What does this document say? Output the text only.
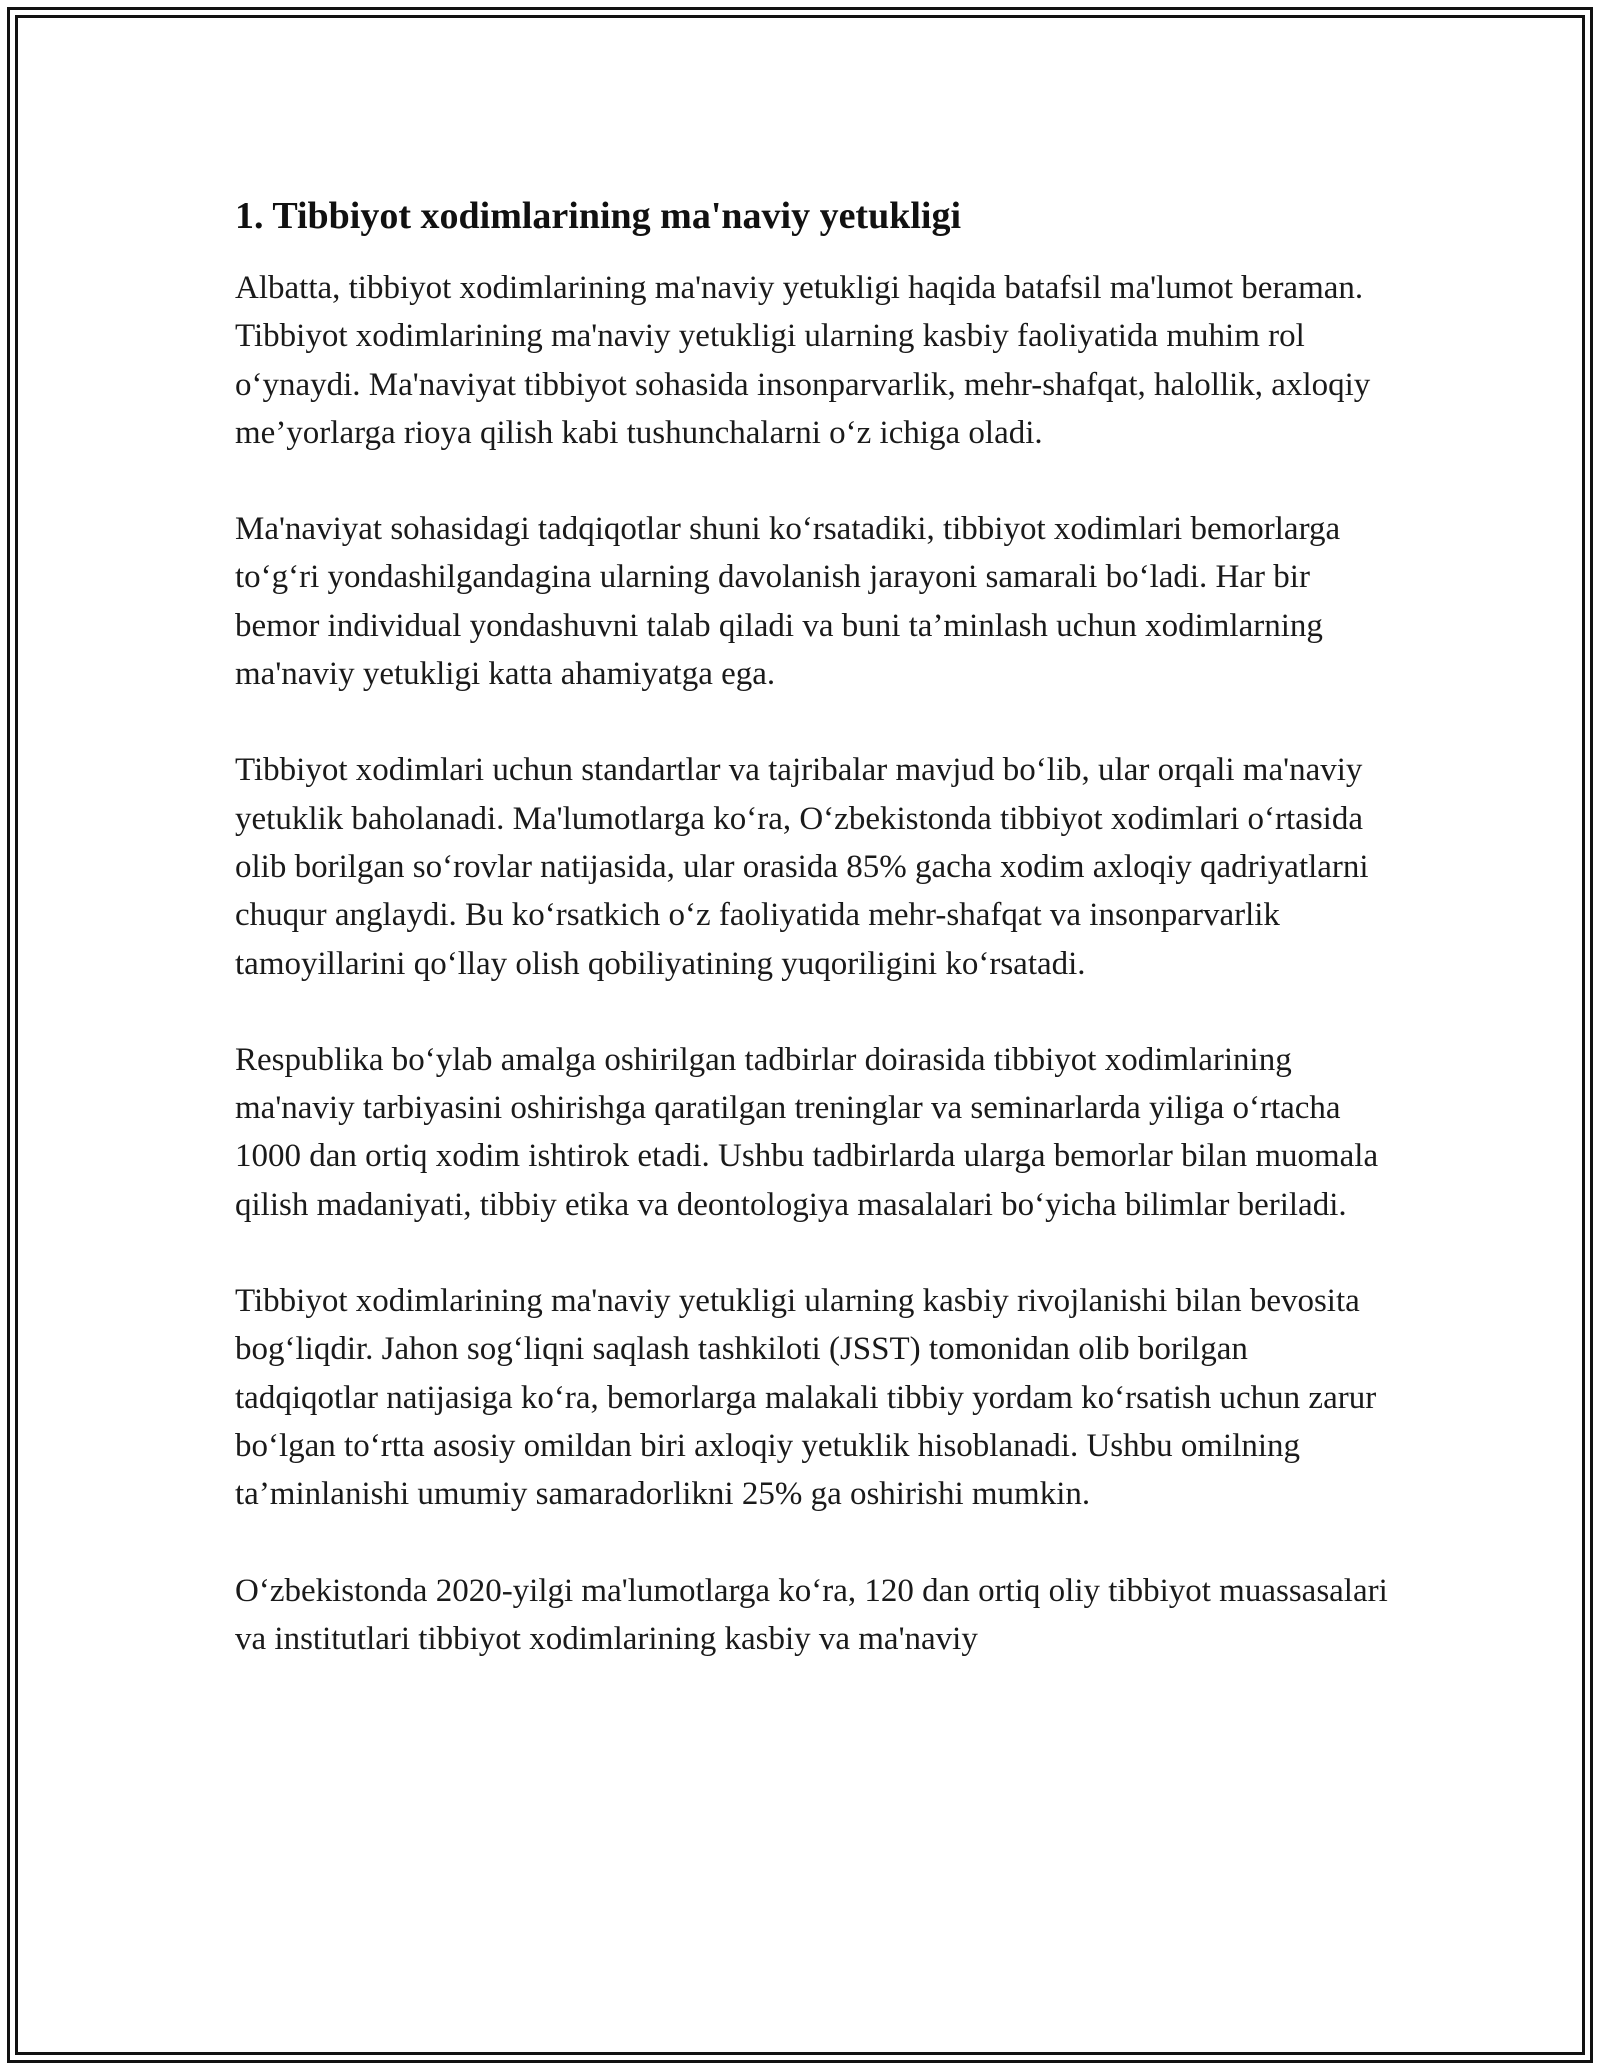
1. Tibbiyot xodimlarining ma'naviy yetukligi

Albatta, tibbiyot xodimlarining ma'naviy yetukligi haqida batafsil ma'lumot beraman. Tibbiyot xodimlarining ma'naviy yetukligi ularning kasbiy faoliyatida muhim rol oʻynaydi. Ma'naviyat tibbiyot sohasida insonparvarlik, mehr-shafqat, halollik, axloqiy me’yorlarga rioya qilish kabi tushunchalarni oʻz ichiga oladi.

Ma'naviyat sohasidagi tadqiqotlar shuni koʻrsatadiki, tibbiyot xodimlari bemorlarga toʻgʻri yondashilgandagina ularning davolanish jarayoni samarali boʻladi. Har bir bemor individual yondashuvni talab qiladi va buni ta’minlash uchun xodimlarning ma'naviy yetukligi katta ahamiyatga ega.

Tibbiyot xodimlari uchun standartlar va tajribalar mavjud boʻlib, ular orqali ma'naviy yetuklik baholanadi. Ma'lumotlarga koʻra, Oʻzbekistonda tibbiyot xodimlari oʻrtasida olib borilgan soʻrovlar natijasida, ular orasida 85% gacha xodim axloqiy qadriyatlarni chuqur anglaydi. Bu koʻrsatkich oʻz faoliyatida mehr-shafqat va insonparvarlik tamoyillarini qoʻllay olish qobiliyatining yuqoriligini koʻrsatadi.

Respublika boʻylab amalga oshirilgan tadbirlar doirasida tibbiyot xodimlarining ma'naviy tarbiyasini oshirishga qaratilgan treninglar va seminarlarda yiliga oʻrtacha 1000 dan ortiq xodim ishtirok etadi. Ushbu tadbirlarda ularga bemorlar bilan muomala qilish madaniyati, tibbiy etika va deontologiya masalalari boʻyicha bilimlar beriladi.

Tibbiyot xodimlarining ma'naviy yetukligi ularning kasbiy rivojlanishi bilan bevosita bogʻliqdir. Jahon sogʻliqni saqlash tashkiloti (JSST) tomonidan olib borilgan tadqiqotlar natijasiga koʻra, bemorlarga malakali tibbiy yordam koʻrsatish uchun zarur boʻlgan toʻrtta asosiy omildan biri axloqiy yetuklik hisoblanadi. Ushbu omilning ta’minlanishi umumiy samaradorlikni 25% ga oshirishi mumkin.

Oʻzbekistonda 2020-yilgi ma'lumotlarga koʻra, 120 dan ortiq oliy tibbiyot muassasalari va institutlari tibbiyot xodimlarining kasbiy va ma'naviy
